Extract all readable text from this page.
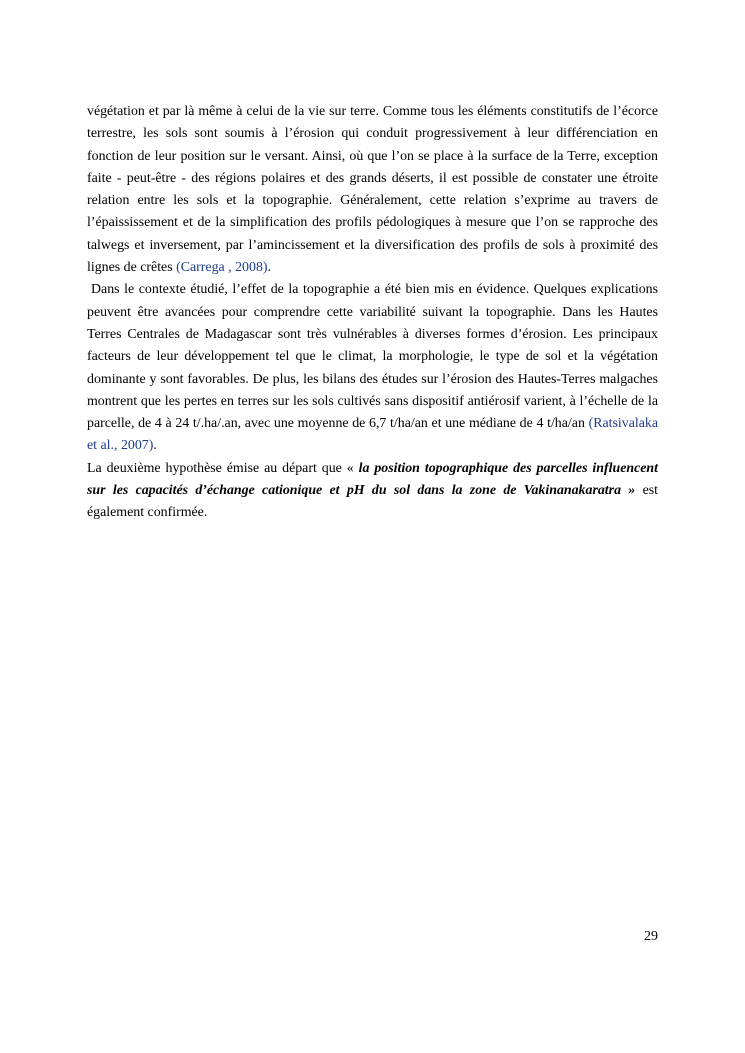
végétation et par là même à celui de la vie sur terre. Comme tous les éléments constitutifs de l’écorce terrestre, les sols sont soumis à l’érosion qui conduit progressivement à leur différenciation en fonction de leur position sur le versant. Ainsi, où que l’on se place à la surface de la Terre, exception faite - peut-être - des régions polaires et des grands déserts, il est possible de constater une étroite relation entre les sols et la topographie. Généralement, cette relation s’exprime au travers de l’épaississement et de la simplification des profils pédologiques à mesure que l’on se rapproche des talwegs et inversement, par l’amincissement et la diversification des profils de sols à proximité des lignes de crêtes (Carrega , 2008).

Dans le contexte étudié, l’effet de la topographie a été bien mis en évidence. Quelques explications peuvent être avancées pour comprendre cette variabilité suivant la topographie. Dans les Hautes Terres Centrales de Madagascar sont très vulnérables à diverses formes d’érosion. Les principaux facteurs de leur développement tel que le climat, la morphologie, le type de sol et la végétation dominante y sont favorables. De plus, les bilans des études sur l’érosion des Hautes-Terres malgaches montrent que les pertes en terres sur les sols cultivés sans dispositif antiérosif varient, à l’échelle de la parcelle, de 4 à 24 t/.ha/.an, avec une moyenne de 6,7 t/ha/an et une médiane de 4 t/ha/an (Ratsivalaka et al., 2007).

La deuxième hypothèse émise au départ que « la position topographique des parcelles influencent sur les capacités d’échange cationique et pH du sol dans la zone de Vakinanakaratra » est également confirmée.

29
